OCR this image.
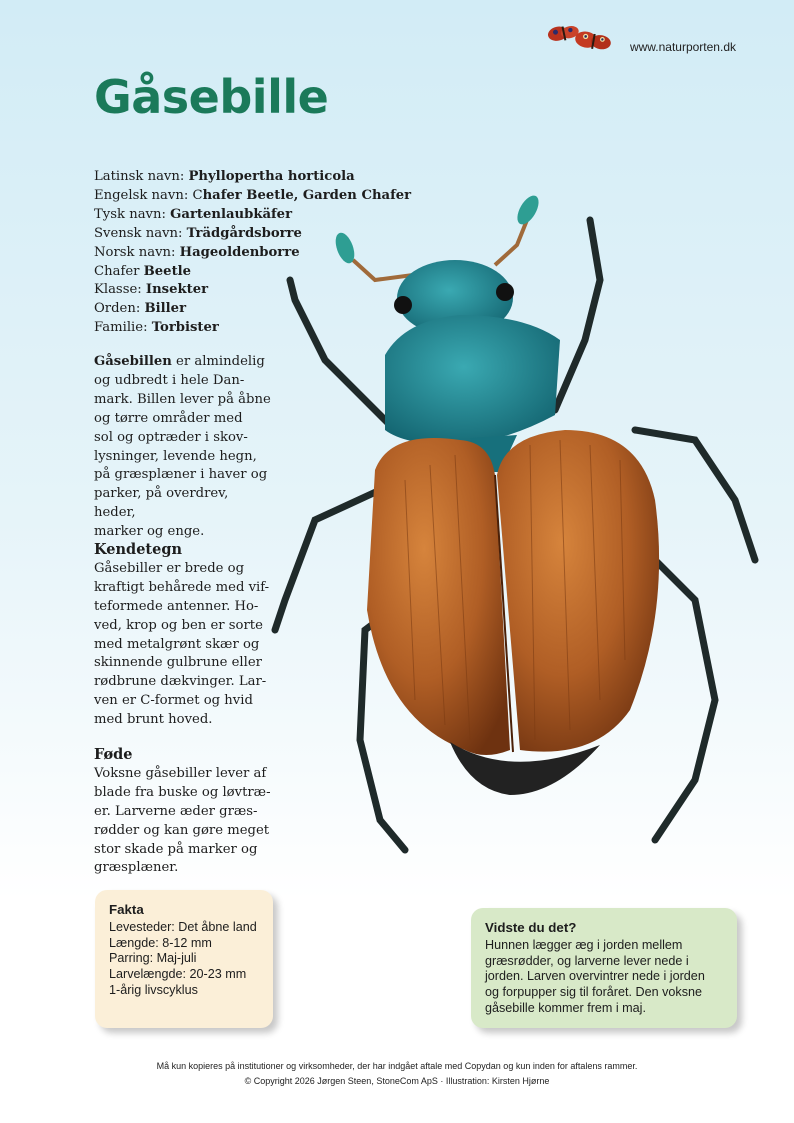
www.naturporten.dk
Gåsebille
Latinsk navn: Phyllopertha horticola
Engelsk navn: Chafer Beetle, Garden Chafer
Tysk navn: Gartenlaubkäfer
Svensk navn: Trädgårdsborre
Norsk navn: Hageoldenborre
Chafer Beetle
Klasse: Insekter
Orden: Biller
Familie: Torbister

Gåsebillen er almindelig
og udbredt i hele Dan-
mark. Billen lever på åbne
og tørre områder med
sol og optræder i skov-
lysninger, levende hegn,
på græsplæner i haver og
parker, på overdrev, heder,
marker og enge.

Kendetegn

Gåsebiller er brede og
kraftigt behårede med vif-
teformede antenner. Ho-
ved, krop og ben er sorte
med metalgrønt skær og
skinnende gulbrune eller
rødbrune dækvinger. Lar-
ven er C-formet og hvid
med brunt hoved.

Føde

Voksne gåsebiller lever af
blade fra buske og løvtræ-
er. Larverne æder græs-
rødder og kan gøre meget
stor skade på marker og
græsplæner.

Fakta
Levesteder: Det åbne land
Længde: 8-12 mm
Parring: Maj-juli
Larvelængde: 20-23 mm
1-årig livscyklus
Vidste du det?
Hunnen lægger æg i jorden mellem
græsrødder, og larverne lever nede i
jorden. Larven overvintrer nede i jorden
og forpupper sig til foråret. Den voksne
gåsebille kommer frem i maj.
Må kun kopieres på institutioner og virksomheder, der har indgået aftale med Copydan og kun inden for aftalens rammer.
© Copyright 2026 Jørgen Steen, StoneCom ApS · Illustration: Kirsten Hjørne
